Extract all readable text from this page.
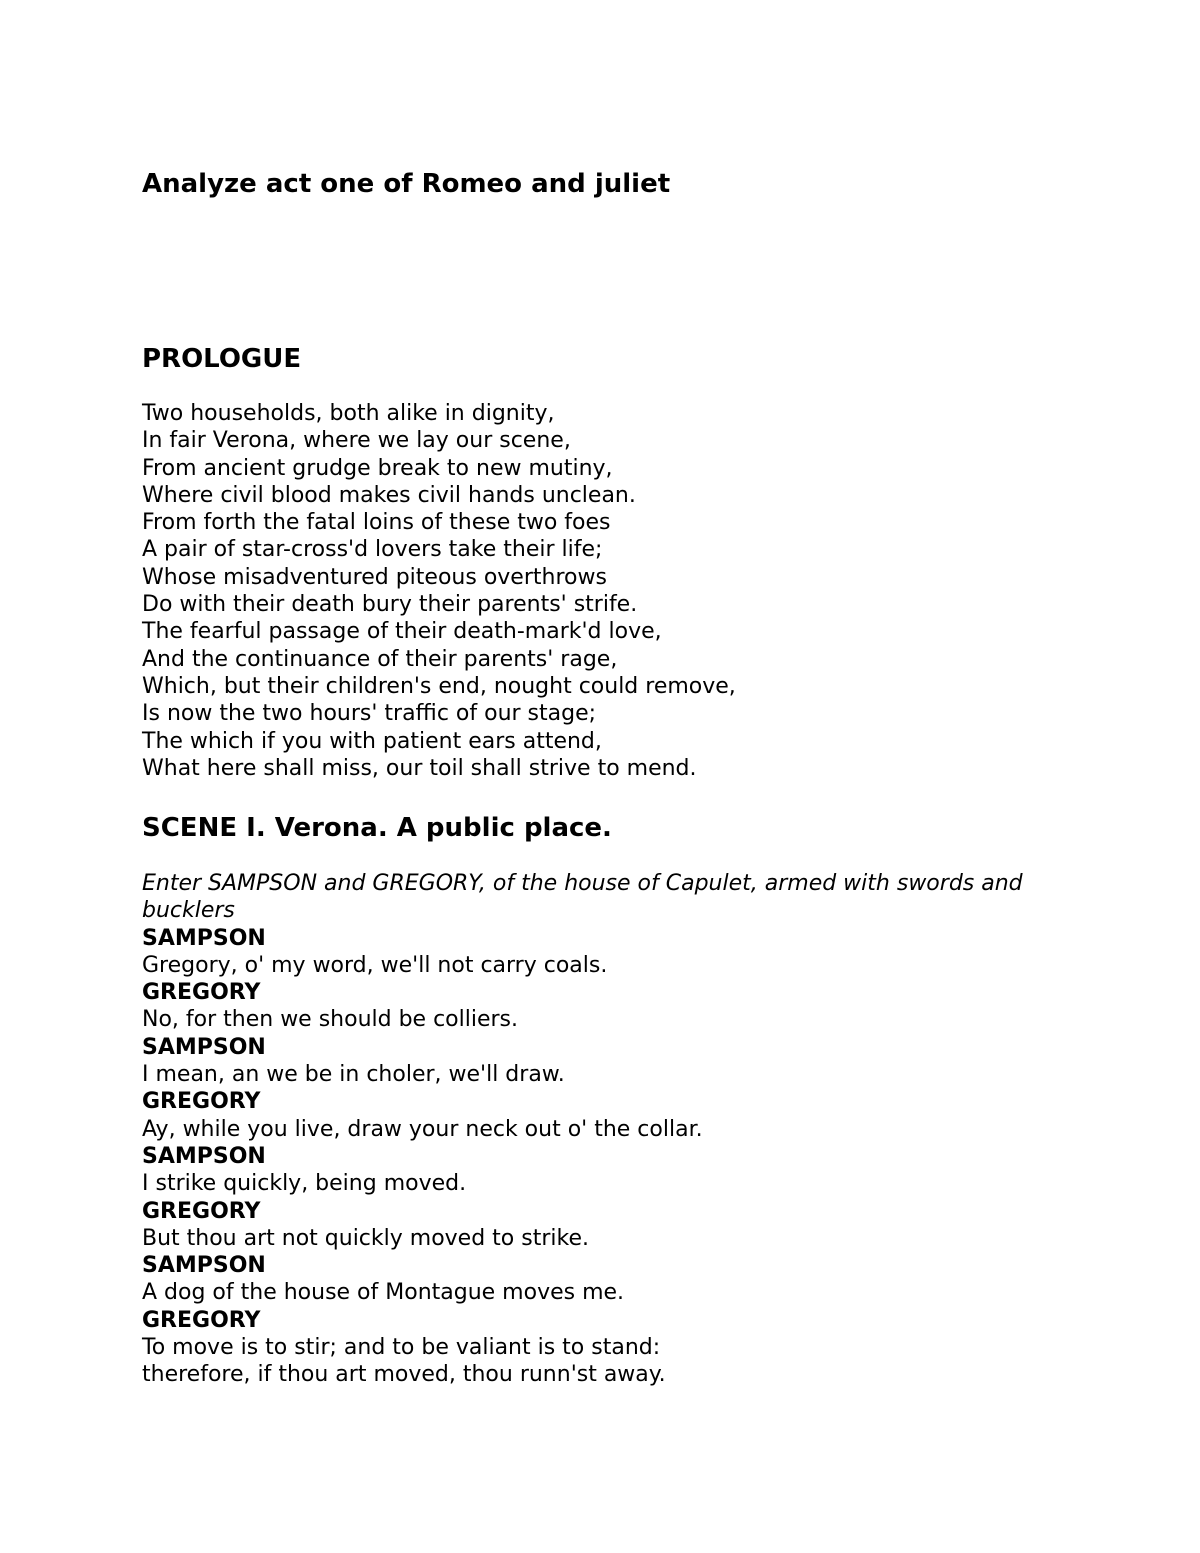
Analyze act one of Romeo and juliet
PROLOGUE
Two households, both alike in dignity,
In fair Verona, where we lay our scene,
From ancient grudge break to new mutiny,
Where civil blood makes civil hands unclean.
From forth the fatal loins of these two foes
A pair of star-cross'd lovers take their life;
Whose misadventured piteous overthrows
Do with their death bury their parents' strife.
The fearful passage of their death-mark'd love,
And the continuance of their parents' rage,
Which, but their children's end, nought could remove,
Is now the two hours' traffic of our stage;
The which if you with patient ears attend,
What here shall miss, our toil shall strive to mend.
SCENE I. Verona. A public place.
Enter SAMPSON and GREGORY, of the house of Capulet, armed with swords and bucklers
SAMPSON
Gregory, o' my word, we'll not carry coals.
GREGORY
No, for then we should be colliers.
SAMPSON
I mean, an we be in choler, we'll draw.
GREGORY
Ay, while you live, draw your neck out o' the collar.
SAMPSON
I strike quickly, being moved.
GREGORY
But thou art not quickly moved to strike.
SAMPSON
A dog of the house of Montague moves me.
GREGORY
To move is to stir; and to be valiant is to stand:
therefore, if thou art moved, thou runn'st away.
